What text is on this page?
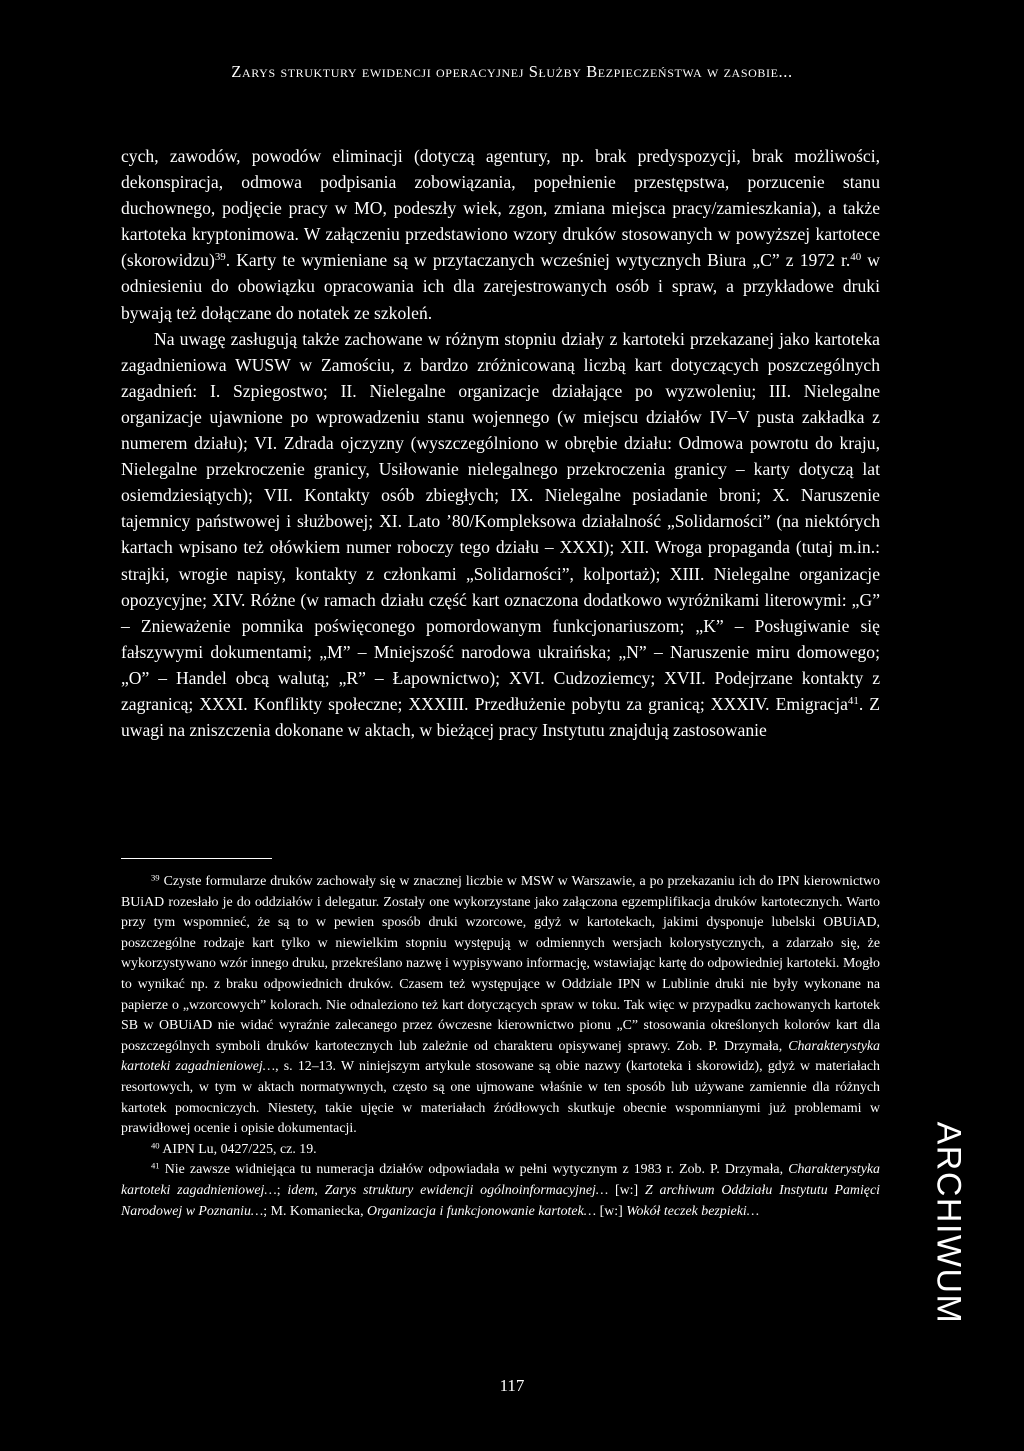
Zarys struktury ewidencji operacyjnej Służby Bezpieczeństwa w zasobie...

cych, zawodów, powodów eliminacji (dotyczą agentury, np. brak predyspozycji, brak możliwości, dekonspiracja, odmowa podpisania zobowiązania, popełnienie przestępstwa, porzucenie stanu duchownego, podjęcie pracy w MO, podeszły wiek, zgon, zmiana miejsca pracy/zamieszkania), a także kartoteka kryptonimowa. W załączeniu przedstawiono wzory druków stosowanych w powyższej kartotece (skorowidzu)$^{39}$. Karty te wymieniane są w przytaczanych wcześniej wytycznych Biura „C” z 1972 r.$^{40}$ w odniesieniu do obowiązku opracowania ich dla zarejestrowanych osób i spraw, a przykładowe druki bywają też dołączane do notatek ze szkoleń.

Na uwagę zasługują także zachowane w różnym stopniu działy z kartoteki przekazanej jako kartoteka zagadnieniowa WUSW w Zamościu, z bardzo zróżnicowaną liczbą kart dotyczących poszczególnych zagadnień: I. Szpiegostwo; II. Nielegalne organizacje działające po wyzwoleniu; III. Nielegalne organizacje ujawnione po wprowadzeniu stanu wojennego (w miejscu działów IV–V pusta zakładka z numerem działu); VI. Zdrada ojczyzny (wyszczególniono w obrębie działu: Odmowa powrotu do kraju, Nielegalne przekroczenie granicy, Usiłowanie nielegalnego przekroczenia granicy – karty dotyczą lat osiemdziesiątych); VII. Kontakty osób zbiegłych; IX. Nielegalne posiadanie broni; X. Naruszenie tajemnicy państwowej i służbowej; XI. Lato ’80/Kompleksowa działalność „Solidarności” (na niektórych kartach wpisano też ołówkiem numer roboczy tego działu – XXXI); XII. Wroga propaganda (tutaj m.in.: strajki, wrogie napisy, kontakty z członkami „Solidarności”, kolportaż); XIII. Nielegalne organizacje opozycyjne; XIV. Różne (w ramach działu część kart oznaczona dodatkowo wyróżnikami literowymi: „G” – Znieważenie pomnika poświęconego pomordowanym funkcjonariuszom; „K” – Posługiwanie się fałszywymi dokumentami; „M” – Mniejszość narodowa ukraińska; „N” – Naruszenie miru domowego; „O” – Handel obcą walutą; „R” – Łapownictwo); XVI. Cudzoziemcy; XVII. Podejrzane kontakty z zagranicą; XXXI. Konflikty społeczne; XXXIII. Przedłużenie pobytu za granicą; XXXIV. Emigracja$^{41}$. Z uwagi na zniszczenia dokonane w aktach, w bieżącej pracy Instytutu znajdują zastosowanie

$^{39}$ Czyste formularze druków zachowały się w znacznej liczbie w MSW w Warszawie, a po przekazaniu ich do IPN kierownictwo BUiAD rozesłało je do oddziałów i delegatur. Zostały one wykorzystane jako załączona egzemplifikacja druków kartotecznych. Warto przy tym wspomnieć, że są to w pewien sposób druki wzorcowe, gdyż w kartotekach, jakimi dysponuje lubelski OBUiAD, poszczególne rodzaje kart tylko w niewielkim stopniu występują w odmiennych wersjach kolorystycznych, a zdarzało się, że wykorzystywano wzór innego druku, przekreślano nazwę i wypisywano informację, wstawiając kartę do odpowiedniej kartoteki. Mogło to wynikać np. z braku odpowiednich druków. Czasem też występujące w Oddziale IPN w Lublinie druki nie były wykonane na papierze o „wzorcowych” kolorach. Nie odnaleziono też kart dotyczących spraw w toku. Tak więc w przypadku zachowanych kartotek SB w OBUiAD nie widać wyraźnie zalecanego przez ówczesne kierownictwo pionu „C” stosowania określonych kolorów kart dla poszczególnych symboli druków kartotecznych lub zależnie od charakteru opisywanej sprawy. Zob. P. Drzymała, Charakterystyka kartoteki zagadnieniowej…, s. 12–13. W niniejszym artykule stosowane są obie nazwy (kartoteka i skorowidz), gdyż w materiałach resortowych, w tym w aktach normatywnych, często są one ujmowane właśnie w ten sposób lub używane zamiennie dla różnych kartotek pomocniczych. Niestety, takie ujęcie w materiałach źródłowych skutkuje obecnie wspomnianymi już problemami w prawidłowej ocenie i opisie dokumentacji.

$^{40}$ AIPN Lu, 0427/225, cz. 19.

$^{41}$ Nie zawsze widniejąca tu numeracja działów odpowiadała w pełni wytycznym z 1983 r. Zob. P. Drzymała, Charakterystyka kartoteki zagadnieniowej…; idem, Zarys struktury ewidencji ogólnoinformacyjnej… [w:] Z archiwum Oddziału Instytutu Pamięci Narodowej w Poznaniu…; M. Komaniecka, Organizacja i funkcjonowanie kartotek… [w:] Wokół teczek bezpieki…	ARCHIWUM
117
